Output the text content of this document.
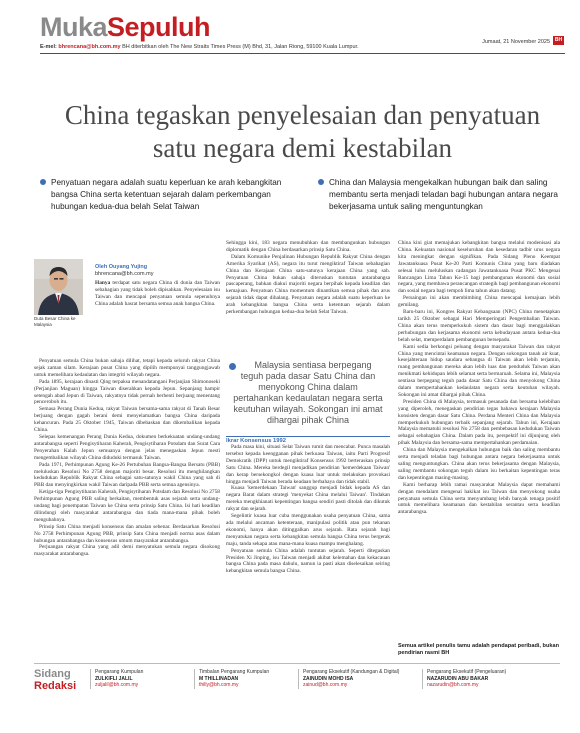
MukaSepuluh	Jumaat, 21 November 2025 BH
E-mel: bhrencana@bh.com.my BH diterbitkan oleh The New Straits Times Press (M) Bhd, 31, Jalan Riong, 59100 Kuala Lumpur.
China tegaskan penyelesaian dan penyatuan satu negara demi kestabilan
Penyatuan negara adalah suatu keperluan ke arah kebangkitan bangsa China serta ketentuan sejarah dalam perkembangan hubungan kedua-dua belah Selat Taiwan
China dan Malaysia mengekalkan hubungan baik dan saling membantu serta menjadi teladan bagi hubungan antara negara bekerjasama untuk saling menguntungkan
Duta Besar China ke Malaysia
Oleh Ouyang Yujing
bhrencana@bh.com.my

Hanya terdapat satu negara China di dunia dan Taiwan sebahagian yang tidak boleh dipisahkan. Penyelesaian isu Taiwan dan mencapai penyatuan semula sepenuhnya China adalah hasrat bersama semua anak bangsa China.

Penyatuan semula China bukan sahaja dilihat, tetapi kepada seluruh rakyat China sejak zaman silam. Kerajaan pusat China yang dipilih mempunyai tanggungjawab untuk memelihara kedaulatan dan integriti wilayah negara.

Pada 1895, kerajaan dinasti Qing terpaksa menandatangani Perjanjian Shimonoseki (Perjanjian Maguan) hingga Taiwan diserahkan kepada Jepun. Sepanjang hampir setengah abad Jepun di Taiwan, rakyatnya tidak pernah berhenti berjuang menentang penceroboh itu.

Semasa Perang Dunia Kedua, rakyat Taiwan bersama-sama rakyat di Tanah Besar berjuang dengan gagah berani demi menyelamatkan bangsa China daripada kehancuran. Pada 25 Oktober 1945, Taiwan dibebaskan dan dikembalikan kepada China.

Selepas kemenangan Perang Dunia Kedua, dokumen berkekuatan undang-undang antarabangsa seperti Pengisytiharan Kaherah, Pengisytiharan Potsdam dan Surat Cara Penyerahan Kalah Jepun semuanya dengan jelas menegaskan Jepun mesti mengembalikan wilayah China diduduki termasuk Taiwan.

Pada 1971, Perhimpunan Agung Ke-26 Pertubuhan Bangsa-Bangsa Bersatu (PBB) meluluskan Resolusi No 2758 dengan majoriti besar. Resolusi itu menghilangkan kedudukan Republik Rakyat China sebagai satu-satunya wakil China yang sah di PBB dan menyingkirkan wakil Taiwan daripada PBB serta semua agensinya.

Ketiga-tiga Pengisytiharan Kaherah, Pengisytiharan Potsdam dan Resolusi No 2758 Perhimpunan Agung PBB saling berkaitan, membentuk asas sejarah serta undang-undang bagi penempatan Taiwan ke China serta prinsip Satu China. Isi hati keadilan dilindungi oleh masyarakat antarabangsa dan tiada mana-mana pihak boleh mengubahnya.

Prinsip Satu China menjadi konsensus dan amalan sebenar. Berdasarkan Resolusi No 2758 Perhimpunan Agung PBB, prinsip Satu China menjadi norma asas dalam hubungan antarabangsa dan konsensus umum masyarakat antarabangsa.

Perjuangan rakyat China yang adil demi menyatukan semula negara disokong masyarakat antarabangsa.

Sehingga kini, 183 negara menubuhkan dan membangunkan hubungan diplomatik dengan China berdasarkan prinsip Satu China.

Dalam Komunike Penjalinan Hubungan Republik Rakyat China dengan Amerika Syarikat (AS), negara itu turut mengiktiraf Taiwan sebahagian China dan Kerajaan China satu-satunya kerajaan China yang sah. Penyatuan China bukan sahaja diteruskan tuntutan antarabangsa pascaperang, bahkan diakui majoriti negara berpihak kepada keadilan dan kemajuan. Penyatuan China momentum dinantikan semua pihak dan arus sejarah tidak dapat dihalang. Penyatuan negara adalah suatu keperluan ke arah kebangkitan bangsa China serta ketentuan sejarah dalam perkembangan hubungan kedua-dua belah Selat Taiwan.

Malaysia sentiasa berpegang teguh pada dasar Satu China dan menyokong China dalam pertahankan kedaulatan negara serta keutuhan wilayah. Sokongan ini amat dihargai pihak China
Ikrar Konsensus 1992

Pada masa kini, situasi Selat Taiwan rumit dan mencabar. Punca masalah tersebut kepada keengganan pihak berkuasa Taiwan, iaitu Parti Progresif Demokratik (DPP) untuk mengiktiraf Konsensus 1992 berteraskan prinsip Satu China. Mereka berdegil menjadikan pendirian 'kemerdekaan Taiwan' dan kerap bersekongkol dengan kuasa luar untuk melakukan provokasi hingga menjadi Taiwan berada keadaan berbahaya dan tidak stabil.

Kuasa 'kemerdekaan Taiwan' sanggup menjadi bidak kepada AS dan negara Barat dalam strategi 'menyekat China melalui Taiwan'. Tindakan mereka mengkhianati kepentingan bangsa sendiri pasti ditolak dan dikutuk rakyat dan sejarah.

Segelintir kuasa luar cuba menggunakan usaha penyatuan China, sama ada melalui ancaman ketenteraan, manipulasi politik atau pun tekanan ekonomi, hanya akan ditinggalkan arus sejarah. Rata sejarah bagi menyatukan negara serta kebangkitan semula bangsa China terus bergerak maju, tanda sekapa atau mana-mana kuasa mampu menghalang.

Penyatuan semula China adalah tuntutan sejarah. Seperti ditegaskan Presiden Xi Jinping, isu Taiwan menjadi akibat kelemahan dan kekacauan bangsa China pada masa dahulu, namun ia pasti akan diselesaikan seiring kebangkitan semula bangsa China.

China kini giat memajukan kebangkitan bangsa melalui modenisasi ala China. Kekuatan nasional keseluruhan dan kesedaran tadbir urus negara kita meningkat dengan signifikan. Pada Sidang Pleno Keempat Jawatankuasa Pusat Ke-20 Parti Komunis China yang baru diadakan selesai lulus meluluskan cadangan Jawatankuasa Pusat PKC Mengenai Rancangan Lima Tahun Ke-15 bagi pembangunan ekonomi dan sosial negara, yang membawa perancangan strategik bagi pembangunan ekonomi dan sosial negara bagi tempoh lima tahun akan datang.

Persaingan ini akan membimbing China mencapai kemajuan lebih gemilang.

Baru-baru ini, Kongres Rakyat Kebangsaan (NPC) China menetapkan tarikh 25 Oktober sebagai Hari Memperingati Pengembalian Taiwan. China akan terus memperkukuh sistem dan dasar bagi menggalakkan perhubungan dan kerjasama ekonomi serta kebudayaan antara kedua-dua belah selat, memperdalam pembangunan bersepadu.

Kami sedia berkongsi peluang dengan masyarakat Taiwan dan rakyat China yang mencintai keamanan negara. Dengan sokongan tanah air kuat, kesejahteraan hidup saudara sebangsa di Taiwan akan lebih terjamin, ruang pembangunan mereka akan lebih luas dan penduduk Taiwan akan menikmati kehidupan lebih selamat serta bermaruah. Selama ini, Malaysia sentiasa berpegang teguh pada dasar Satu China dan menyokong China dalam mempertahankan kedaulatan negara serta keutuhan wilayah. Sokongan ini amat dihargai pihak China.

Presiden China di Malaysia, termasuk pesanada dan bersama kelebihan yang diperoleh, menegaskan pendirian tegas bahawa kerajaan Malaysia konsisten dengan dasar Satu China. Perdana Menteri China dan Malaysia memperkukuh hubungan terbaik sepanjang sejarah. Tahun ini, Kerajaan Malaysia mematuhi resolusi No 2758 dan pembebasan kedudukan Taiwan sebagai sebahagian China. Dalam pada itu, perspektif ini dijunjung oleh pihak Malaysia dan bersama-sama mempertahankan perdamaian.

China dan Malaysia mengekalkan hubungan baik dan saling membantu serta menjadi teladan bagi hubungan antara negara bekerjasama untuk saling menguntungkan. China akan terus bekerjasama dengan Malaysia, saling membantu sokongan teguh dalam isu berkaitan kepentingan teras dan kepentingan masing-masing.

Kami berharap lebih ramai masyarakat Malaysia dapat memahami dengan mendalam mengenai hakikat isu Taiwan dan menyokong usaha penyatuan semula China serta menyumbang lebih banyak tenaga positif untuk memelihara keamanan dan kestabilan serantau serta keadilan antarabangsa.

Semua artikel penulis tamu adalah pendapat peribadi, bukan pendirian rasmi BH
Sidang
Redaksi
Pengarang Kumpulan
ZULKIFLI JALIL
zuljalil@bh.com.my
Timbalan Pengarang Kumpulan
M THILLINADAN
thilly@bh.com.my
Pengarang Eksekutif (Kandungan & Digital)
ZAINUDIN MOHD ISA
zainud@bh.com.my
Pengarang Eksekutif (Pengeluaran)
NAZARUDIN ABU BAKAR
nazarudin@bh.com.my
